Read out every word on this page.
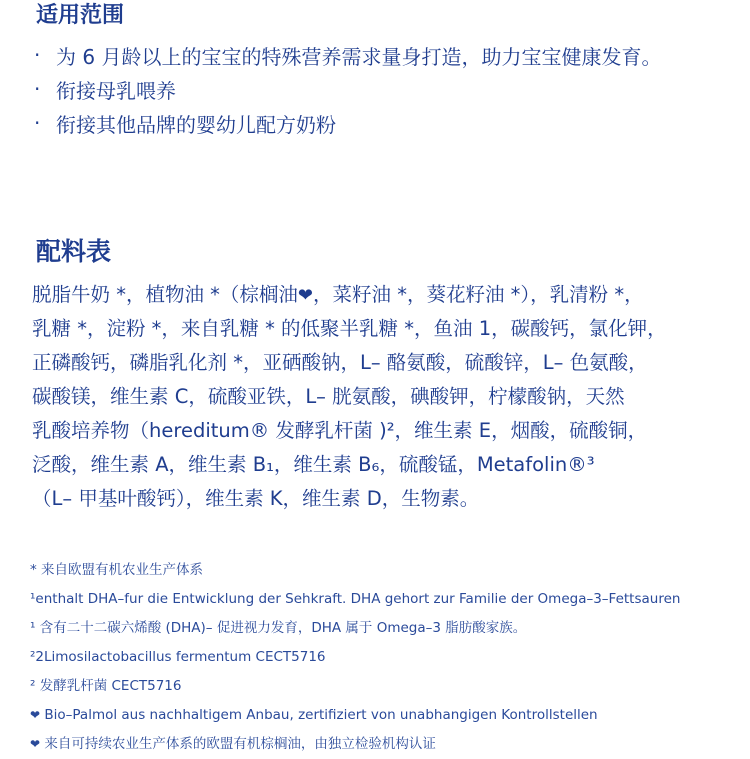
适用范围
· 为 6 月龄以上的宝宝的特殊营养需求量身打造，助力宝宝健康发育。
· 衔接母乳喂养
· 衔接其他品牌的婴幼儿配方奶粉
配料表
脱脂牛奶 *，植物油 *（棕榈油❤，菜籽油 *，葵花籽油 *），乳清粉 *，
乳糖 *，淀粉 *，来自乳糖 * 的低聚半乳糖 *，鱼油 1，碳酸钙，氯化钾，
正磷酸钙，磷脂乳化剂 *，亚硒酸钠，L– 酪氨酸，硫酸锌，L– 色氨酸，
碳酸镁，维生素 C，硫酸亚铁，L– 胱氨酸，碘酸钾，柠檬酸钠，天然
乳酸培养物（hereditum® 发酵乳杆菌 )²，维生素 E，烟酸，硫酸铜，
泛酸，维生素 A，维生素 B₁，维生素 B₆，硫酸锰，Metafolin®³
（L– 甲基叶酸钙），维生素 K，维生素 D，生物素。
* 来自欧盟有机农业生产体系
¹enthalt DHA–fur die Entwicklung der Sehkraft. DHA gehort zur Familie der Omega–3–Fettsauren
¹ 含有二十二碳六烯酸 (DHA)– 促进视力发育，DHA 属于 Omega–3 脂肪酸家族。
²2Limosilactobacillus fermentum CECT5716
² 发酵乳杆菌 CECT5716
❤ Bio–Palmol aus nachhaltigem Anbau, zertifiziert von unabhangigen Kontrollstellen
❤ 来自可持续农业生产体系的欧盟有机棕榈油，由独立检验机构认证
